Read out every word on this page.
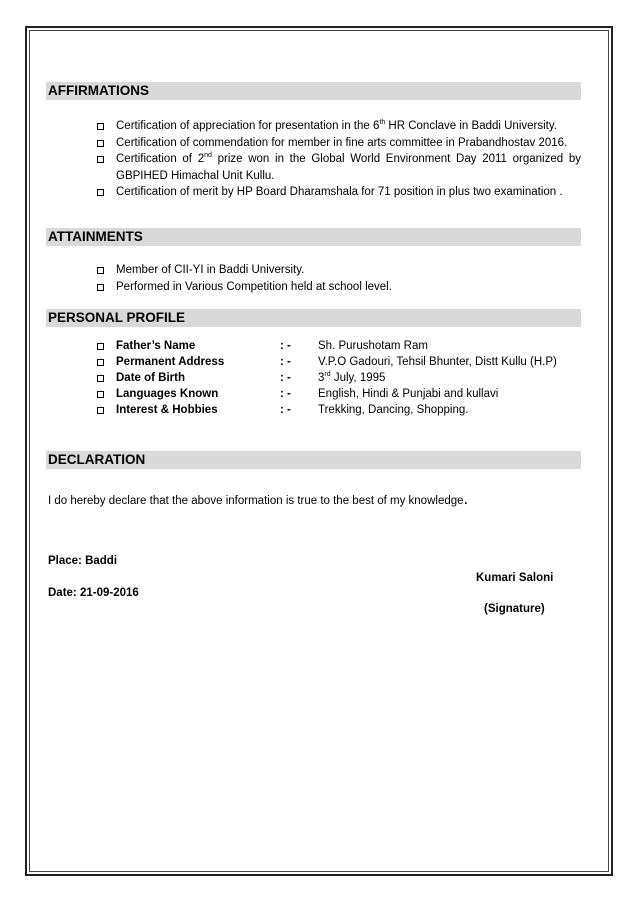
AFFIRMATIONS
Certification of appreciation for presentation in the 6th HR Conclave in Baddi University.
Certification of commendation for member in fine arts committee in Prabandhostav 2016.
Certification of 2nd prize won in the Global World Environment Day 2011 organized by GBPIHED Himachal Unit Kullu.
Certification of merit by HP Board Dharamshala for 71 position in plus two examination .
ATTAINMENTS
Member of CII-YI in Baddi University.
Performed in Various Competition held at school level.
PERSONAL PROFILE
Father’s Name	: - Sh. Purushotam Ram
Permanent Address	: - V.P.O Gadouri, Tehsil Bhunter, Distt Kullu (H.P)
Date of Birth	: - 3rd July, 1995
Languages Known	: - English, Hindi & Punjabi and kullavi
Interest & Hobbies	: - Trekking, Dancing, Shopping.
DECLARATION
I do hereby declare that the above information is true to the best of my knowledge.
Place: Baddi
Kumari Saloni
Date: 21-09-2016
(Signature)
